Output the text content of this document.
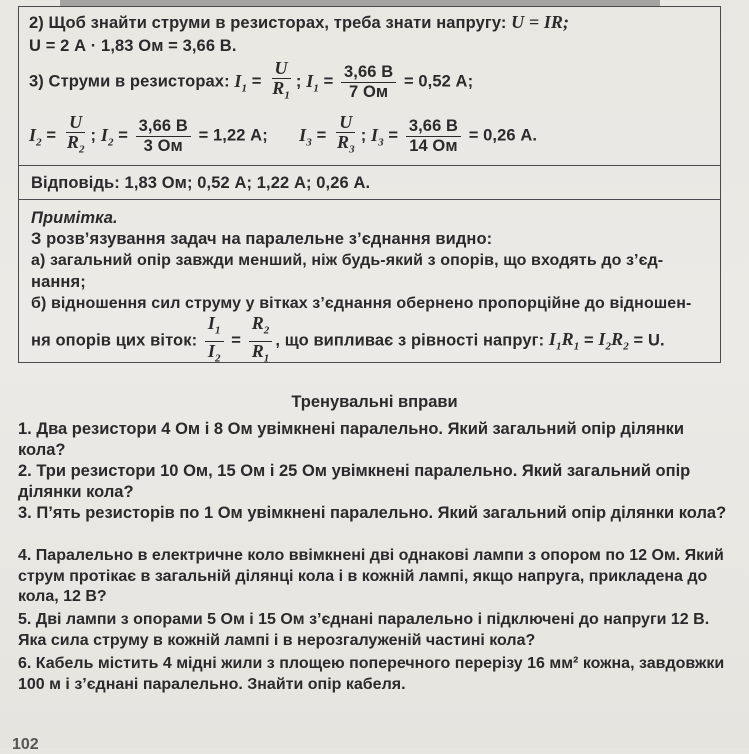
2) Щоб знайти струми в резисторах, треба знати напругу: U = IR;
U = 2 А · 1,83 Ом = 3,66 В.
3) Струми в резисторах: $I_1 = \frac{U}{R_1}$ ; $I_1 = \frac{3,66 В}{7 Ом} = 0,52$ А;
$I_2 = \frac{U}{R_2}$ ; $I_2 = \frac{3,66 В}{3 Ом} = 1,22$ А; $I_3 = \frac{U}{R_3}$ ; $I_3 = \frac{3,66 В}{14 Ом} = 0,26$ А.
Відповідь: 1,83 Ом; 0,52 А; 1,22 А; 0,26 А.
Примітка.
З розв’язування задач на паралельне з’єднання видно:
а) загальний опір завжди менший, ніж будь-який з опорів, що входять до з’єд-
нання;
б) відношення сил струму у вітках з’єднання обернено пропорційне до відношен-
ня опорів цих віток: $\frac{I_1}{I_2} = \frac{R_2}{R_1}$ , що випливає з рівності напруг: $I_1R_1 = I_2R_2 = U$.
Тренувальні вправи
1. Два резистори 4 Ом і 8 Ом увімкнені паралельно. Який загальний опір ділянки кола?
2. Три резистори 10 Ом, 15 Ом і 25 Ом увімкнені паралельно. Який загальний опір ділянки кола?
3. П’ять резисторів по 1 Ом увімкнені паралельно. Який загальний опір ділянки кола?
4. Паралельно в електричне коло ввімкнені дві однакові лампи з опором по 12 Ом. Який струм протікає в загальній ділянці кола і в кожній лампі, якщо напруга, прикладена до кола, 12 В?
5. Дві лампи з опорами 5 Ом і 15 Ом з’єднані паралельно і підключені до напруги 12 В. Яка сила струму в кожній лампі і в нерозгалуженій частині кола?
6. Кабель містить 4 мідні жили з площею поперечного перерізу 16 мм² кожна, завдовжки 100 м і з’єднані паралельно. Знайти опір кабеля.
102
